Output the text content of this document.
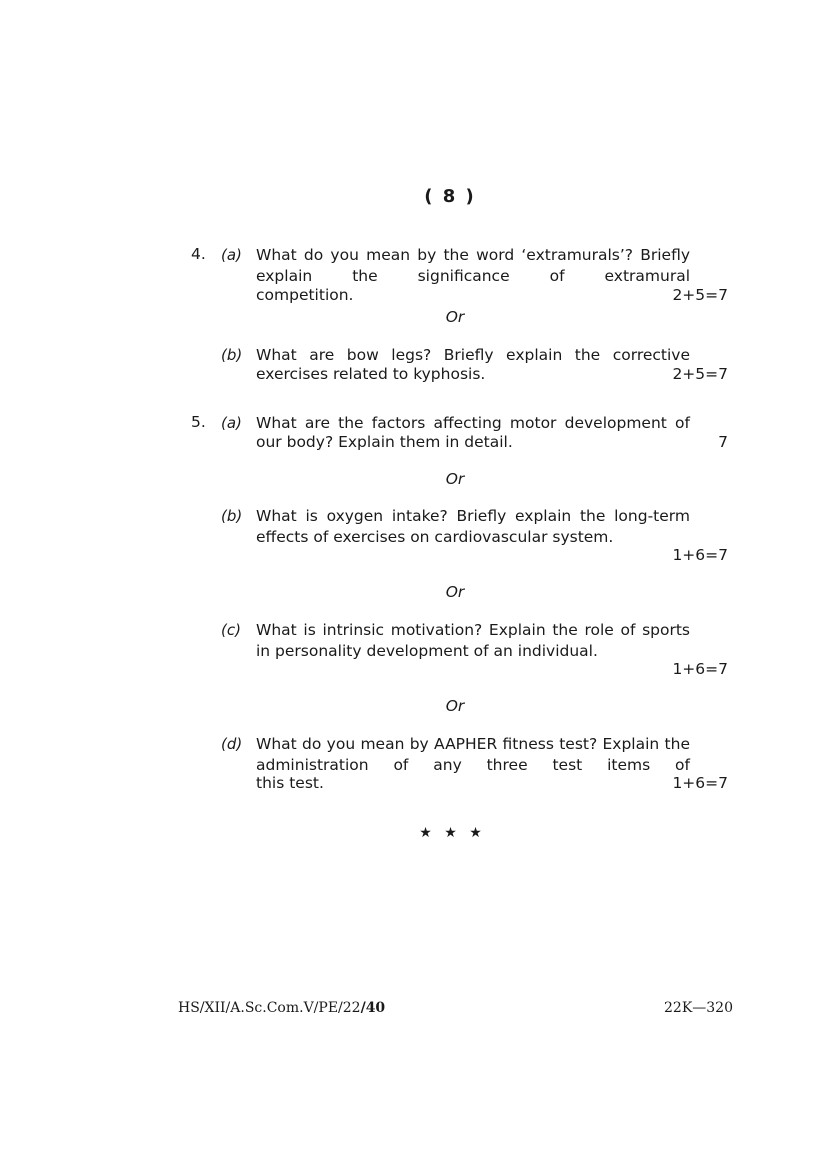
( 8 )
4. (a) What do you mean by the word ‘extramurals’? Briefly explain the significance of extramural
competition.	2+5=7
Or
(b) What are bow legs? Briefly explain the corrective
exercises related to kyphosis.	2+5=7
5. (a) What are the factors affecting motor development of
our body? Explain them in detail.	7
Or
(b) What is oxygen intake? Briefly explain the long-term effects of exercises on cardiovascular system.
1+6=7
Or
(c) What is intrinsic motivation? Explain the role of sports in personality development of an individual.
1+6=7
Or
(d) What do you mean by AAPHER fitness test? Explain the administration of any three test items of
this test.	1+6=7
★ ★ ★
HS/XII/A.Sc.Com.V/PE/22/40	22K—320
